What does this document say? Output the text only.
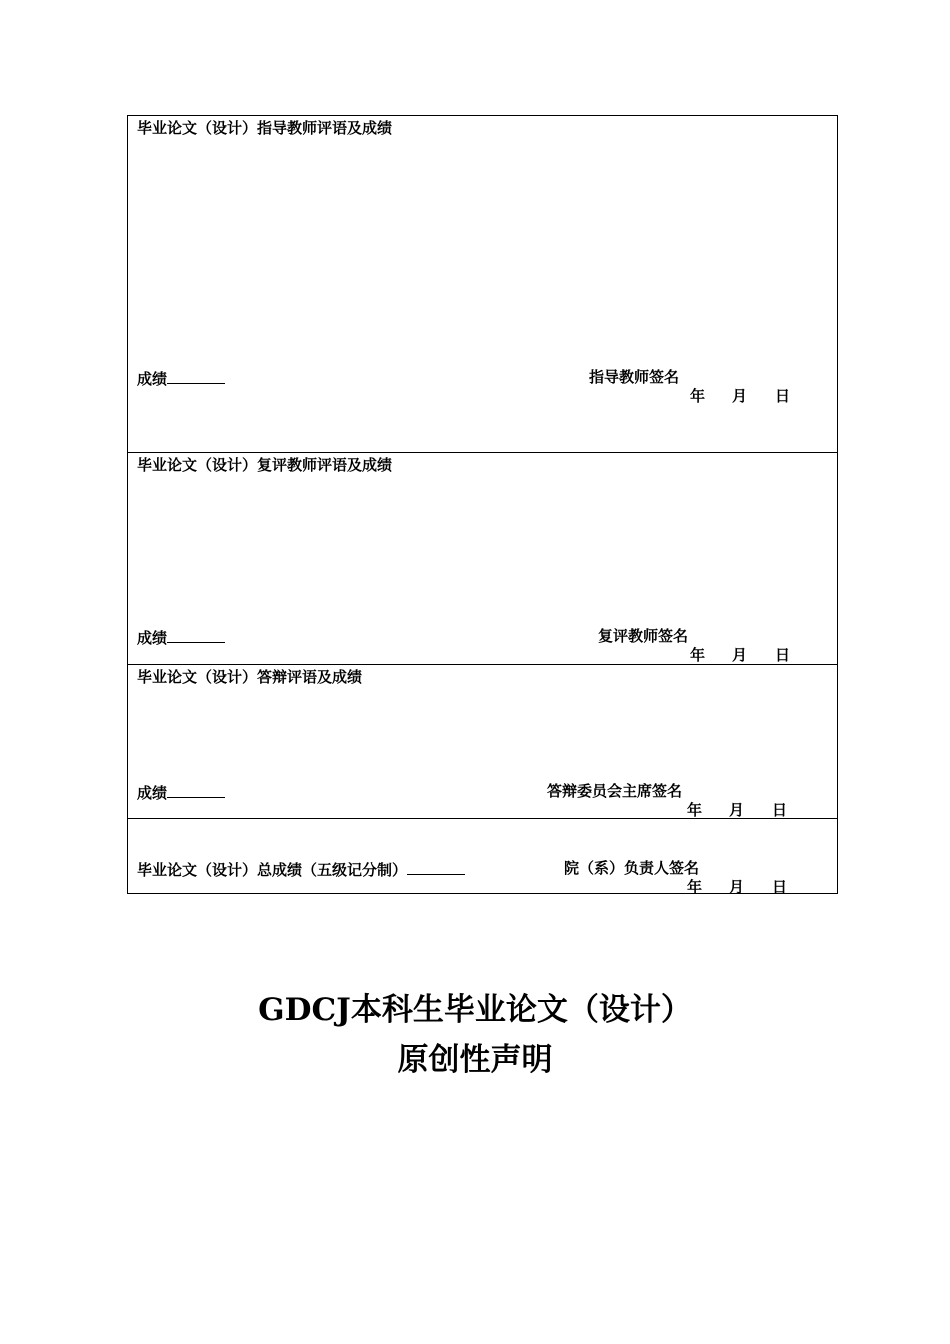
毕业论文（设计）指导教师评语及成绩
成绩	指导教师签名
年 月 日
毕业论文（设计）复评教师评语及成绩
成绩	复评教师签名
年 月 日
毕业论文（设计）答辩评语及成绩
成绩	答辩委员会主席签名
年 月 日
毕业论文（设计）总成绩（五级记分制）	院（系）负责人签名
年 月 日
GDCJ本科生毕业论文（设计）
原创性声明
